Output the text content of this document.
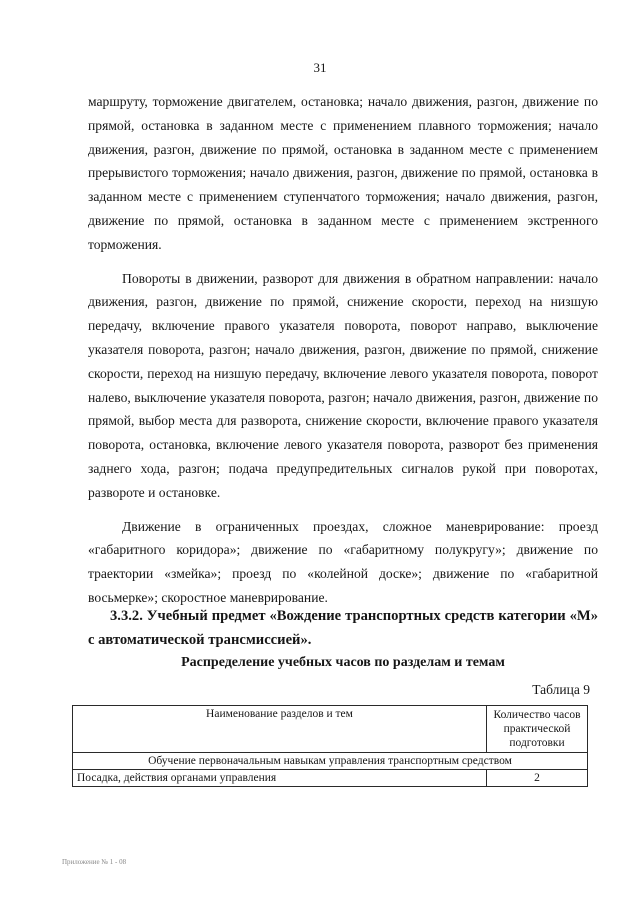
31

маршруту, торможение двигателем, остановка; начало движения, разгон, движение по прямой, остановка в заданном месте с применением плавного торможения; начало движения, разгон, движение по прямой, остановка в заданном месте с применением прерывистого торможения; начало движения, разгон, движение по прямой, остановка в заданном месте с применением ступенчатого торможения; начало движения, разгон, движение по прямой, остановка в заданном месте с применением экстренного торможения.

Повороты в движении, разворот для движения в обратном направлении: начало движения, разгон, движение по прямой, снижение скорости, переход на низшую передачу, включение правого указателя поворота, поворот направо, выключение указателя поворота, разгон; начало движения, разгон, движение по прямой, снижение скорости, переход на низшую передачу, включение левого указателя поворота, поворот налево, выключение указателя поворота, разгон; начало движения, разгон, движение по прямой, выбор места для разворота, снижение скорости, включение правого указателя поворота, остановка, включение левого указателя поворота, разворот без применения заднего хода, разгон; подача предупредительных сигналов рукой при поворотах, развороте и остановке.

Движение в ограниченных проездах, сложное маневрирование: проезд «габаритного коридора»; движение по «габаритному полукругу»; движение по траектории «змейка»; проезд по «колейной доске»; движение по «габаритной восьмерке»; скоростное маневрирование.

3.3.2. Учебный предмет «Вождение транспортных средств категории «M» с автоматической трансмиссией».
Распределение учебных часов по разделам и темам
Таблица 9
Наименование разделов и тем	Количество часов практической подготовки
Обучение первоначальным навыкам управления транспортным средством	
Посадка, действия органами управления	2
Приложение № 1 - 08
